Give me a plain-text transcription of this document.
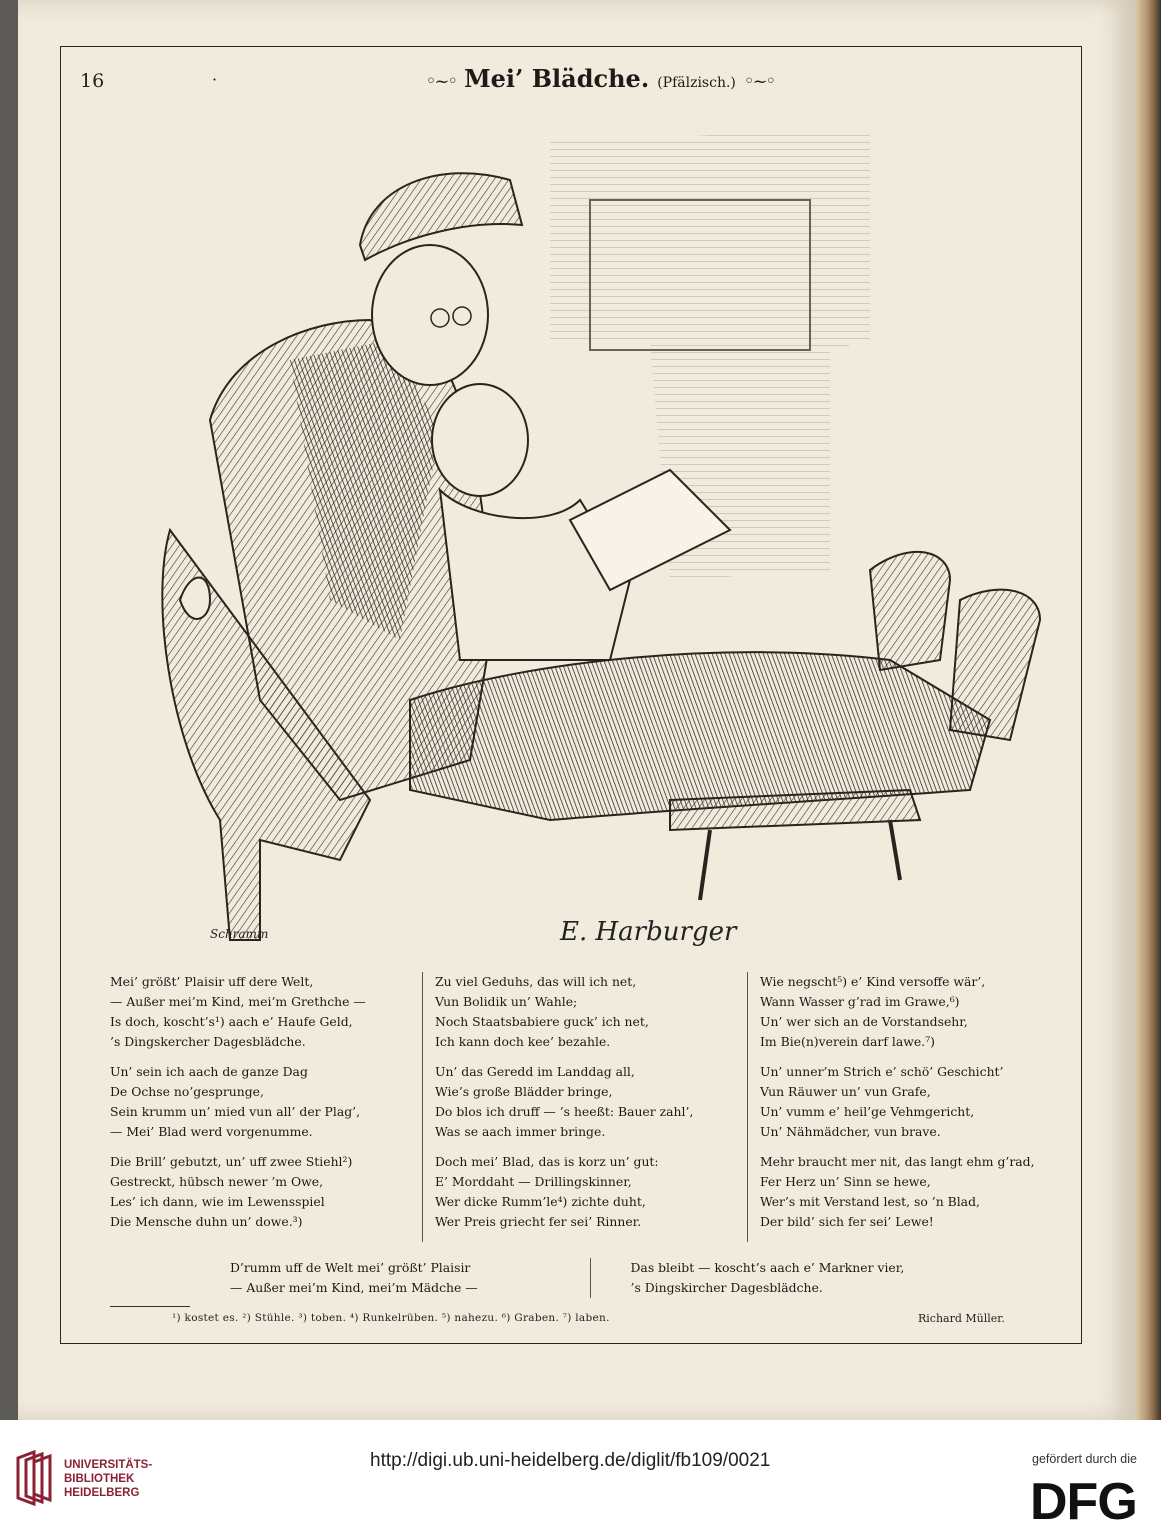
16	·	◦~◦ Mei’ Blädche. (Pfälzisch.) ◦~◦
Schramm	E. Harburger
Mei’ größt’ Plaisir uff dere Welt,
— Außer mei’m Kind, mei’m Grethche —
Is doch, koscht’s¹) aach e’ Haufe Geld,
’s Dingskercher Dagesblädche.
Un’ sein ich aach de ganze Dag
De Ochse no’gesprunge,
Sein krumm un’ mied vun all’ der Plag’,
— Mei’ Blad werd vorgenumme.
Die Brill’ gebutzt, un’ uff zwee Stiehl²)
Gestreckt, hübsch newer ’m Owe,
Les’ ich dann, wie im Lewensspiel
Die Mensche duhn un’ dowe.³)
Zu viel Geduhs, das will ich net,
Vun Bolidik un’ Wahle;
Noch Staatsbabiere guck’ ich net,
Ich kann doch kee’ bezahle.
Un’ das Geredd im Landdag all,
Wie’s große Blädder bringe,
Do blos ich druff — ’s heeßt: Bauer zahl’,
Was se aach immer bringe.
Doch mei’ Blad, das is korz un’ gut:
E’ Morddaht — Drillingskinner,
Wer dicke Rumm’le⁴) zichte duht,
Wer Preis griecht fer sei’ Rinner.
Wie negscht⁵) e’ Kind versoffe wär’,
Wann Wasser g’rad im Grawe,⁶)
Un’ wer sich an de Vorstandsehr,
Im Bie(n)verein darf lawe.⁷)
Un’ unner’m Strich e’ schö’ Geschicht’
Vun Räuwer un’ vun Grafe,
Un’ vumm e’ heil’ge Vehmgericht,
Un’ Nähmädcher, vun brave.
Mehr braucht mer nit, das langt ehm g’rad,
Fer Herz un’ Sinn se hewe,
Wer’s mit Verstand lest, so ’n Blad,
Der bild’ sich fer sei’ Lewe!
D’rumm uff de Welt mei’ größt’ Plaisir
— Außer mei’m Kind, mei’m Mädche —
Das bleibt — koscht’s aach e’ Markner vier,
’s Dingskircher Dagesblädche.
¹) kostet es. ²) Stühle. ³) toben. ⁴) Runkelrüben. ⁵) nahezu. ⁶) Graben. ⁷) laben.	Richard Müller.
UNIVERSITÄTS-
BIBLIOTHEK
HEIDELBERG
http://digi.ub.uni-heidelberg.de/diglit/fb109/0021	gefördert durch die
DFG
